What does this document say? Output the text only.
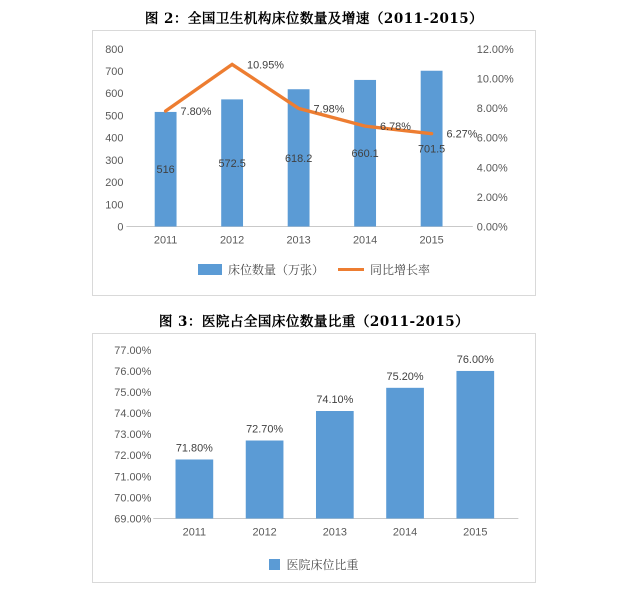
图 2：全国卫生机构床位数量及增速（2011-2015）
800
700
600
500
400
300
200
100
0
12.00%
10.00%
8.00%
6.00%
4.00%
2.00%
0.00%
2011	2012	2013	2014	2015
516
572.5	618.2	660.1	701.5
7.80%
10.95%
7.98%
6.78%
6.27%
床位数量（万张）	同比增长率
图 3：医院占全国床位数量比重（2011-2015）
77.00%
76.00%
75.00%
74.00%
73.00%
72.00%
71.00%
70.00%
69.00%
2011	2012	2013	2014	2015
71.80%
72.70%
74.10%
75.20%
76.00%
医院床位比重
